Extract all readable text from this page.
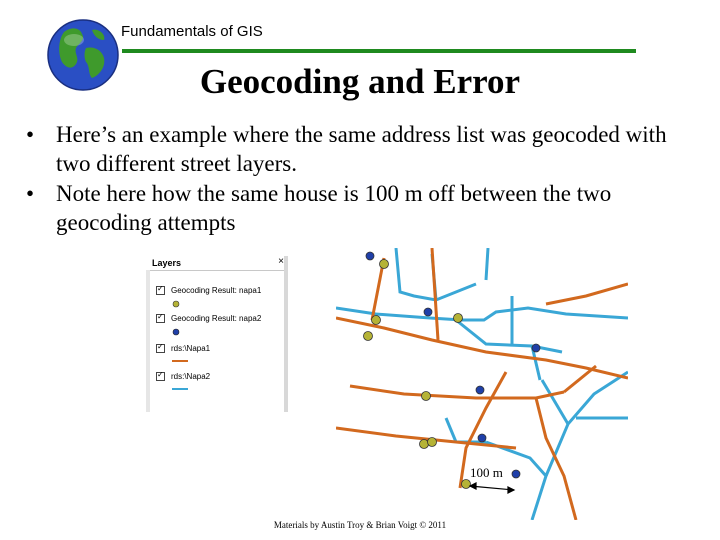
Fundamentals of GIS
Geocoding and Error
• Here’s an example where the same address list was geocoded with two different street layers.
• Note here how the same house is 100 m off between the two geocoding attempts
Layers	×
✓Geocoding Result: napa1
✓Geocoding Result: napa2
✓rds:\Napa1
✓rds:\Napa2
100 m
Materials by Austin Troy & Brian Voigt © 2011
